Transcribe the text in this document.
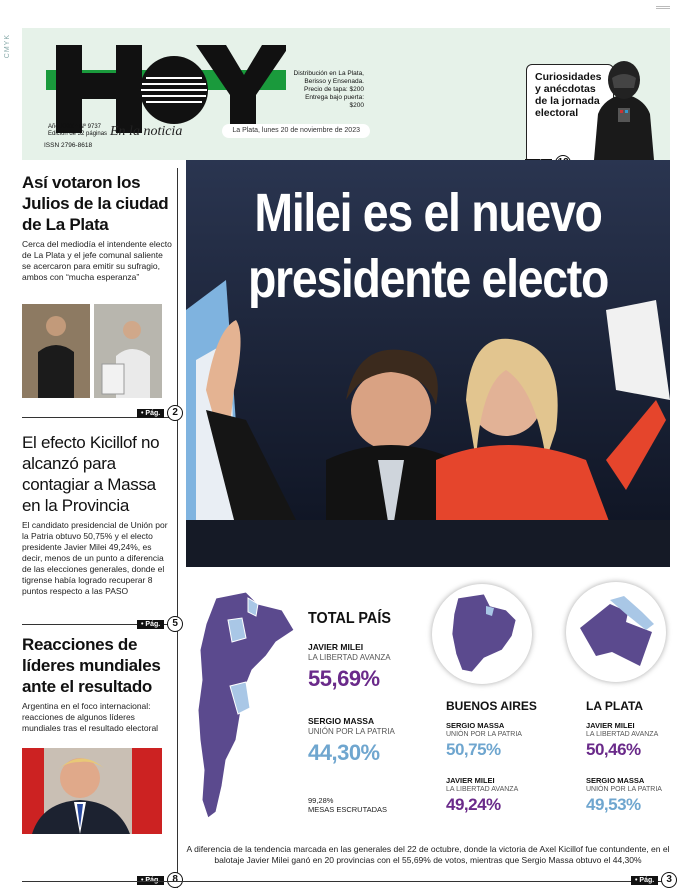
CMYK
Año XXIX • Nº 9737
Edición de 32 páginas En la noticia
ISSN 2796-8618
Distribución en La Plata,
Berisso y Ensenada.
Precio de tapa: $200
Entrega bajo puerta: $200
La Plata, lunes 20 de noviembre de 2023
Curiosidades
y anécdotas
de la jornada
electoral
Así votaron los Julios de la ciudad de La Plata

Cerca del mediodía el intendente electo de La Plata y el jefe comunal saliente se acercaron para emitir su sufragio, ambos con “mucha esperanza”

El efecto Kicillof no alcanzó para contagiar a Massa en la Provincia

El candidato presidencial de Unión por la Patria obtuvo 50,75% y el electo presidente Javier Milei 49,24%, es decir, menos de un punto a diferencia de las elecciones generales, donde el tigrense había logrado recuperar 8 puntos respecto a las PASO

Reacciones de líderes mundiales ante el resultado

Argentina en el foco internacional: reacciones de algunos líderes mundiales tras el resultado electoral

• Pág.	2
• Pág.	5
• Pág.	8
Milei es el nuevo
presidente electo
TOTAL PAÍS
JAVIER MILEI
LA LIBERTAD AVANZA
55,69%
SERGIO MASSA
UNIÓN POR LA PATRIA
44,30%
99,28%
MESAS ESCRUTADAS
BUENOS AIRES
SERGIO MASSA
UNIÓN POR LA PATRIA
50,75%
JAVIER MILEI
LA LIBERTAD AVANZA
49,24%
LA PLATA
JAVIER MILEI
LA LIBERTAD AVANZA
50,46%
SERGIO MASSA
UNIÓN POR LA PATRIA
49,53%
A diferencia de la tendencia marcada en las generales del 22 de octubre, donde la victoria de Axel Kicillof fue contundente, en el balotaje Javier Milei ganó en 20 provincias con el 55,69% de votos, mientras que Sergio Massa obtuvo el 44,30%
• Pág.	3
